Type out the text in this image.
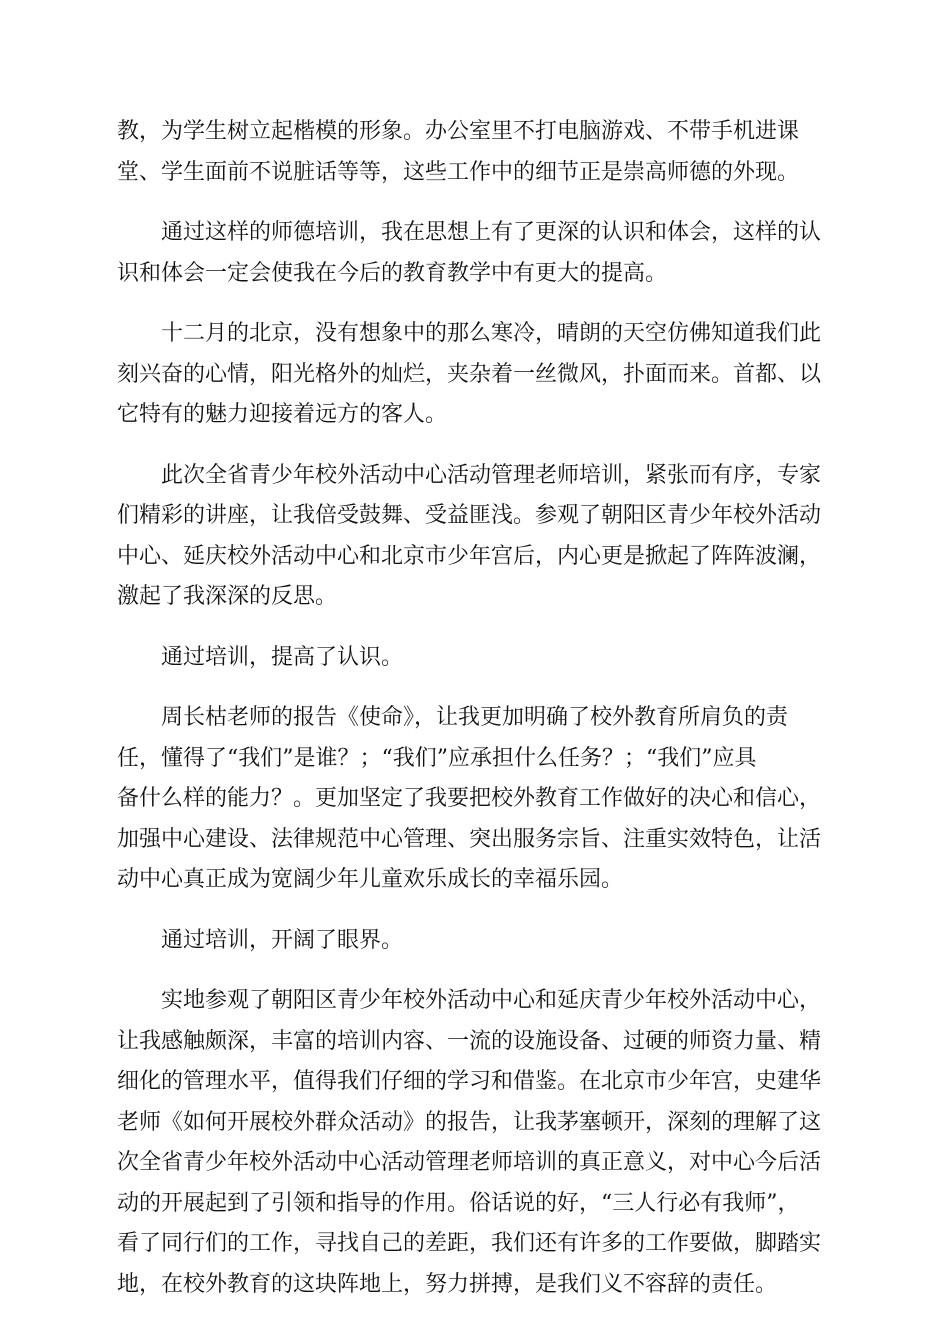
教，为学生树立起楷模的形象。办公室里不打电脑游戏、不带手机进课
堂、学生面前不说脏话等等，这些工作中的细节正是崇高师德的外现。

　　通过这样的师德培训，我在思想上有了更深的认识和体会，这样的认
识和体会一定会使我在今后的教育教学中有更大的提高。

　　十二月的北京，没有想象中的那么寒冷，晴朗的天空仿佛知道我们此
刻兴奋的心情，阳光格外的灿烂，夹杂着一丝微风，扑面而来。首都、以
它特有的魅力迎接着远方的客人。

　　此次全省青少年校外活动中心活动管理老师培训，紧张而有序，专家
们精彩的讲座，让我倍受鼓舞、受益匪浅。参观了朝阳区青少年校外活动
中心、延庆校外活动中心和北京市少年宫后，内心更是掀起了阵阵波澜，
激起了我深深的反思。

　　通过培训，提高了认识。

　　周长枯老师的报告《使命》，让我更加明确了校外教育所肩负的责
任，懂得了“我们”是谁？；“我们”应承担什么任务？；“我们”应具
备什么样的能力？。更加坚定了我要把校外教育工作做好的决心和信心，
加强中心建设、法律规范中心管理、突出服务宗旨、注重实效特色，让活
动中心真正成为宽阔少年儿童欢乐成长的幸福乐园。

　　通过培训，开阔了眼界。

　　实地参观了朝阳区青少年校外活动中心和延庆青少年校外活动中心，
让我感触颇深，丰富的培训内容、一流的设施设备、过硬的师资力量、精
细化的管理水平，值得我们仔细的学习和借鉴。在北京市少年宫，史建华
老师《如何开展校外群众活动》的报告，让我茅塞顿开，深刻的理解了这
次全省青少年校外活动中心活动管理老师培训的真正意义，对中心今后活
动的开展起到了引领和指导的作用。俗话说的好，“三人行必有我师”，
看了同行们的工作，寻找自己的差距，我们还有许多的工作要做，脚踏实
地，在校外教育的这块阵地上，努力拼搏，是我们义不容辞的责任。
